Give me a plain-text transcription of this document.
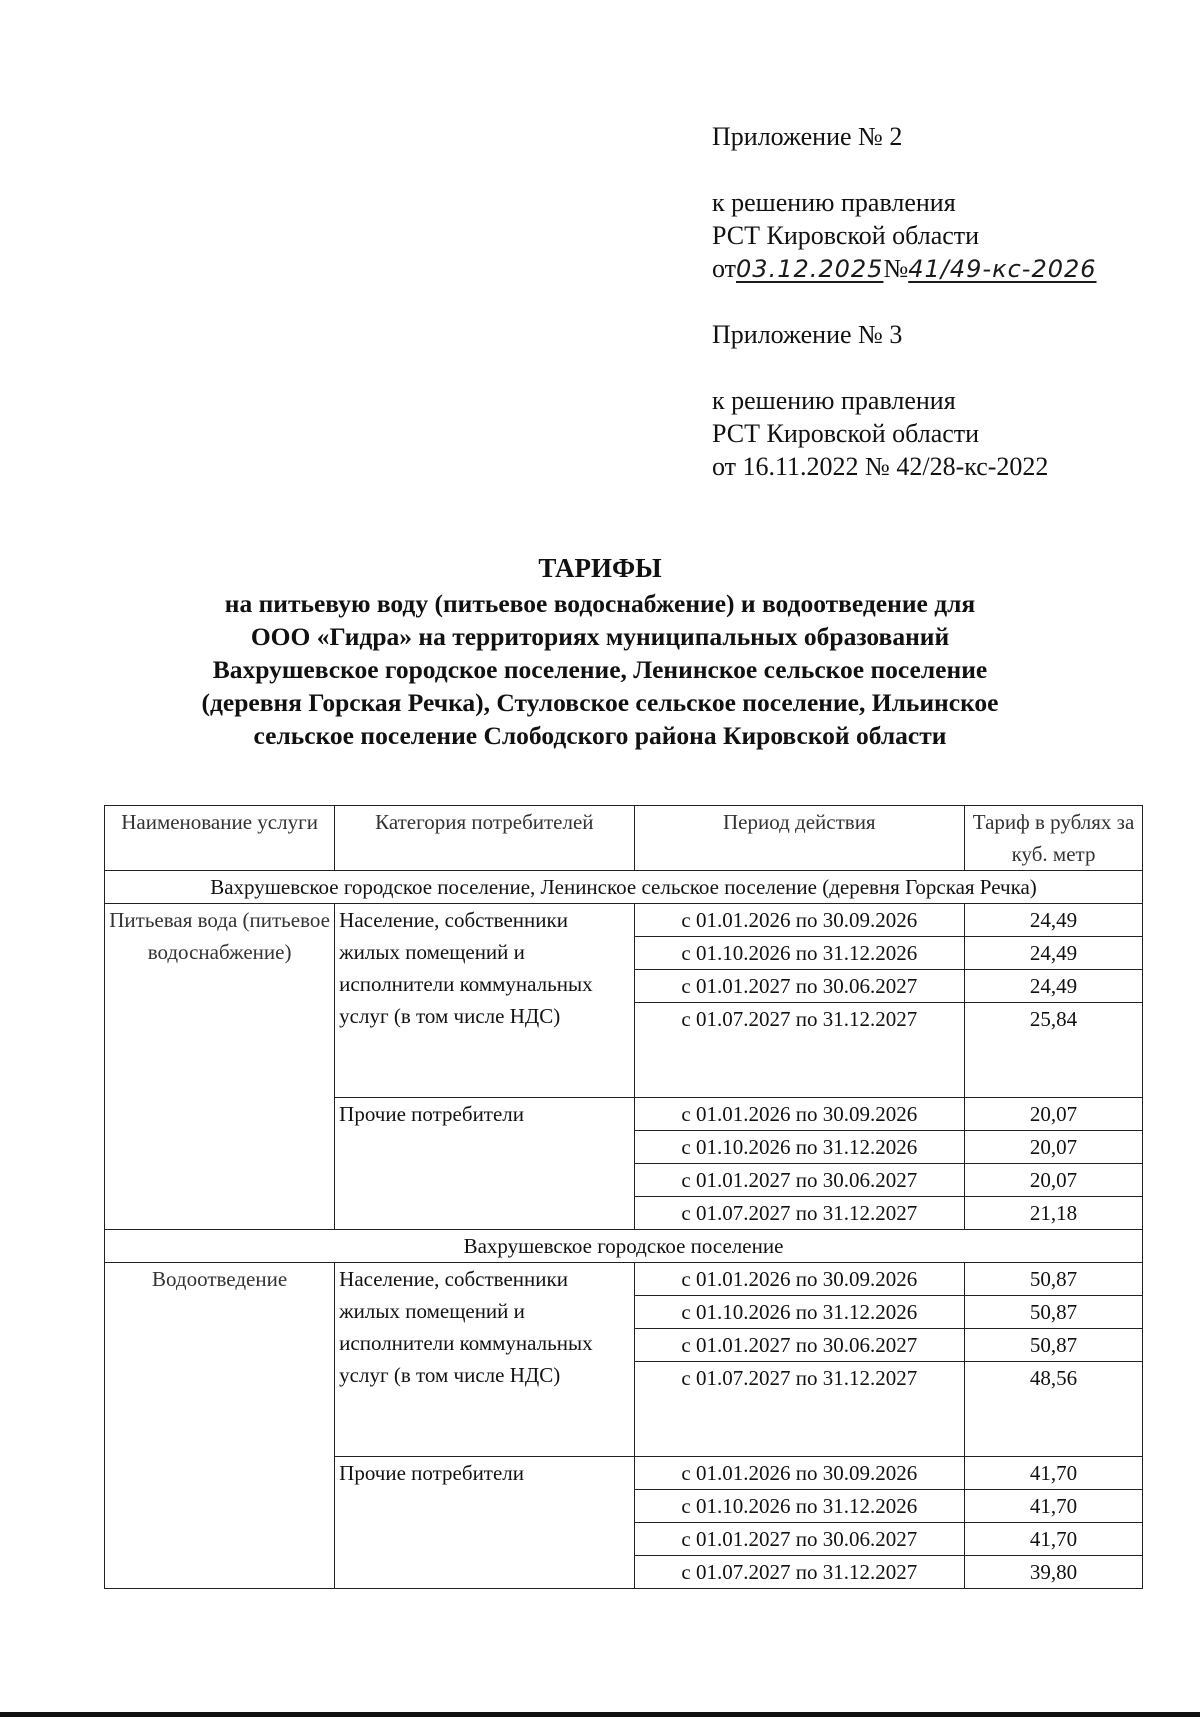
Приложение № 2
к решению правления
РСТ Кировской области
от03.12.2025№41/49-кс-2026
Приложение № 3
к решению правления
РСТ Кировской области
от 16.11.2022 № 42/28-кс-2022
ТАРИФЫ
на питьевую воду (питьевое водоснабжение) и водоотведение для
ООО «Гидра» на территориях муниципальных образований
Вахрушевское городское поселение, Ленинское сельское поселение
(деревня Горская Речка), Стуловское сельское поселение, Ильинское
сельское поселение Слободского района Кировской области
Наименование услуги	Категория потребителей	Период действия	Тариф в рублях за куб. метр
Вахрушевское городское поселение, Ленинское сельское поселение (деревня Горская Речка)			
Питьевая вода (питьевое водоснабжение)	Население, собственники жилых помещений и исполнители коммунальных услуг (в том числе НДС)	с 01.01.2026 по 30.09.2026	24,49
		с 01.10.2026 по 31.12.2026	24,49
		с 01.01.2027 по 30.06.2027	24,49
		с 01.07.2027 по 31.12.2027	25,84
	Прочие потребители	с 01.01.2026 по 30.09.2026	20,07
		с 01.10.2026 по 31.12.2026	20,07
		с 01.01.2027 по 30.06.2027	20,07
		с 01.07.2027 по 31.12.2027	21,18
Вахрушевское городское поселение			
Водоотведение	Население, собственники жилых помещений и исполнители коммунальных услуг (в том числе НДС)	с 01.01.2026 по 30.09.2026	50,87
		с 01.10.2026 по 31.12.2026	50,87
		с 01.01.2027 по 30.06.2027	50,87
		с 01.07.2027 по 31.12.2027	48,56
	Прочие потребители	с 01.01.2026 по 30.09.2026	41,70
		с 01.10.2026 по 31.12.2026	41,70
		с 01.01.2027 по 30.06.2027	41,70
		с 01.07.2027 по 31.12.2027	39,80
